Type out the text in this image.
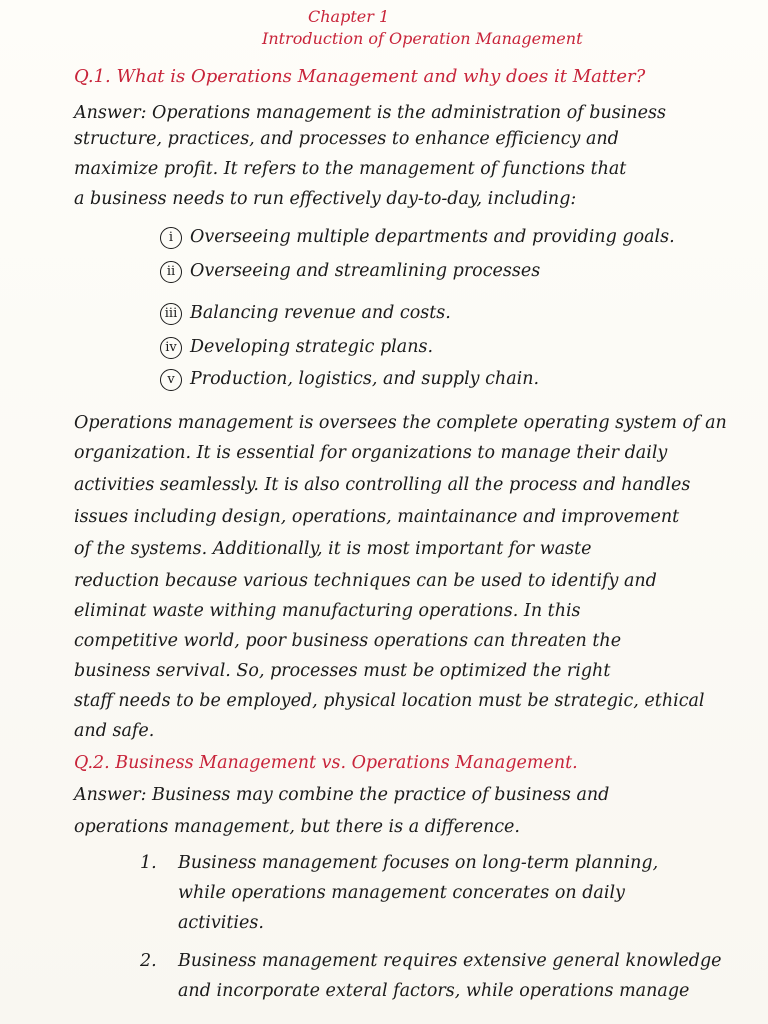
Chapter 1
Introduction of Operation Management
Q.1. What is Operations Management and why does it Matter?
Answer: Operations management is the administration of business
structure, practices, and processes to enhance efficiency and
maximize profit. It refers to the management of functions that
a business needs to run effectively day-to-day, including:
i Overseeing multiple departments and providing goals.
ii Overseeing and streamlining processes
iii Balancing revenue and costs.
iv Developing strategic plans.
v Production, logistics, and supply chain.
Operations management is oversees the complete operating system of an
organization. It is essential for organizations to manage their daily
activities seamlessly. It is also controlling all the process and handles
issues including design, operations, maintainance and improvement
of the systems. Additionally, it is most important for waste
reduction because various techniques can be used to identify and
eliminat waste withing manufacturing operations. In this
competitive world, poor business operations can threaten the
business servival. So, processes must be optimized the right
staff needs to be employed, physical location must be strategic, ethical
and safe.
Q.2. Business Management vs. Operations Management.
Answer: Business may combine the practice of business and
operations management, but there is a difference.
1. Business management focuses on long-term planning,
while operations management concerates on daily
activities.
2. Business management requires extensive general knowledge
and incorporate exteral factors, while operations manage
